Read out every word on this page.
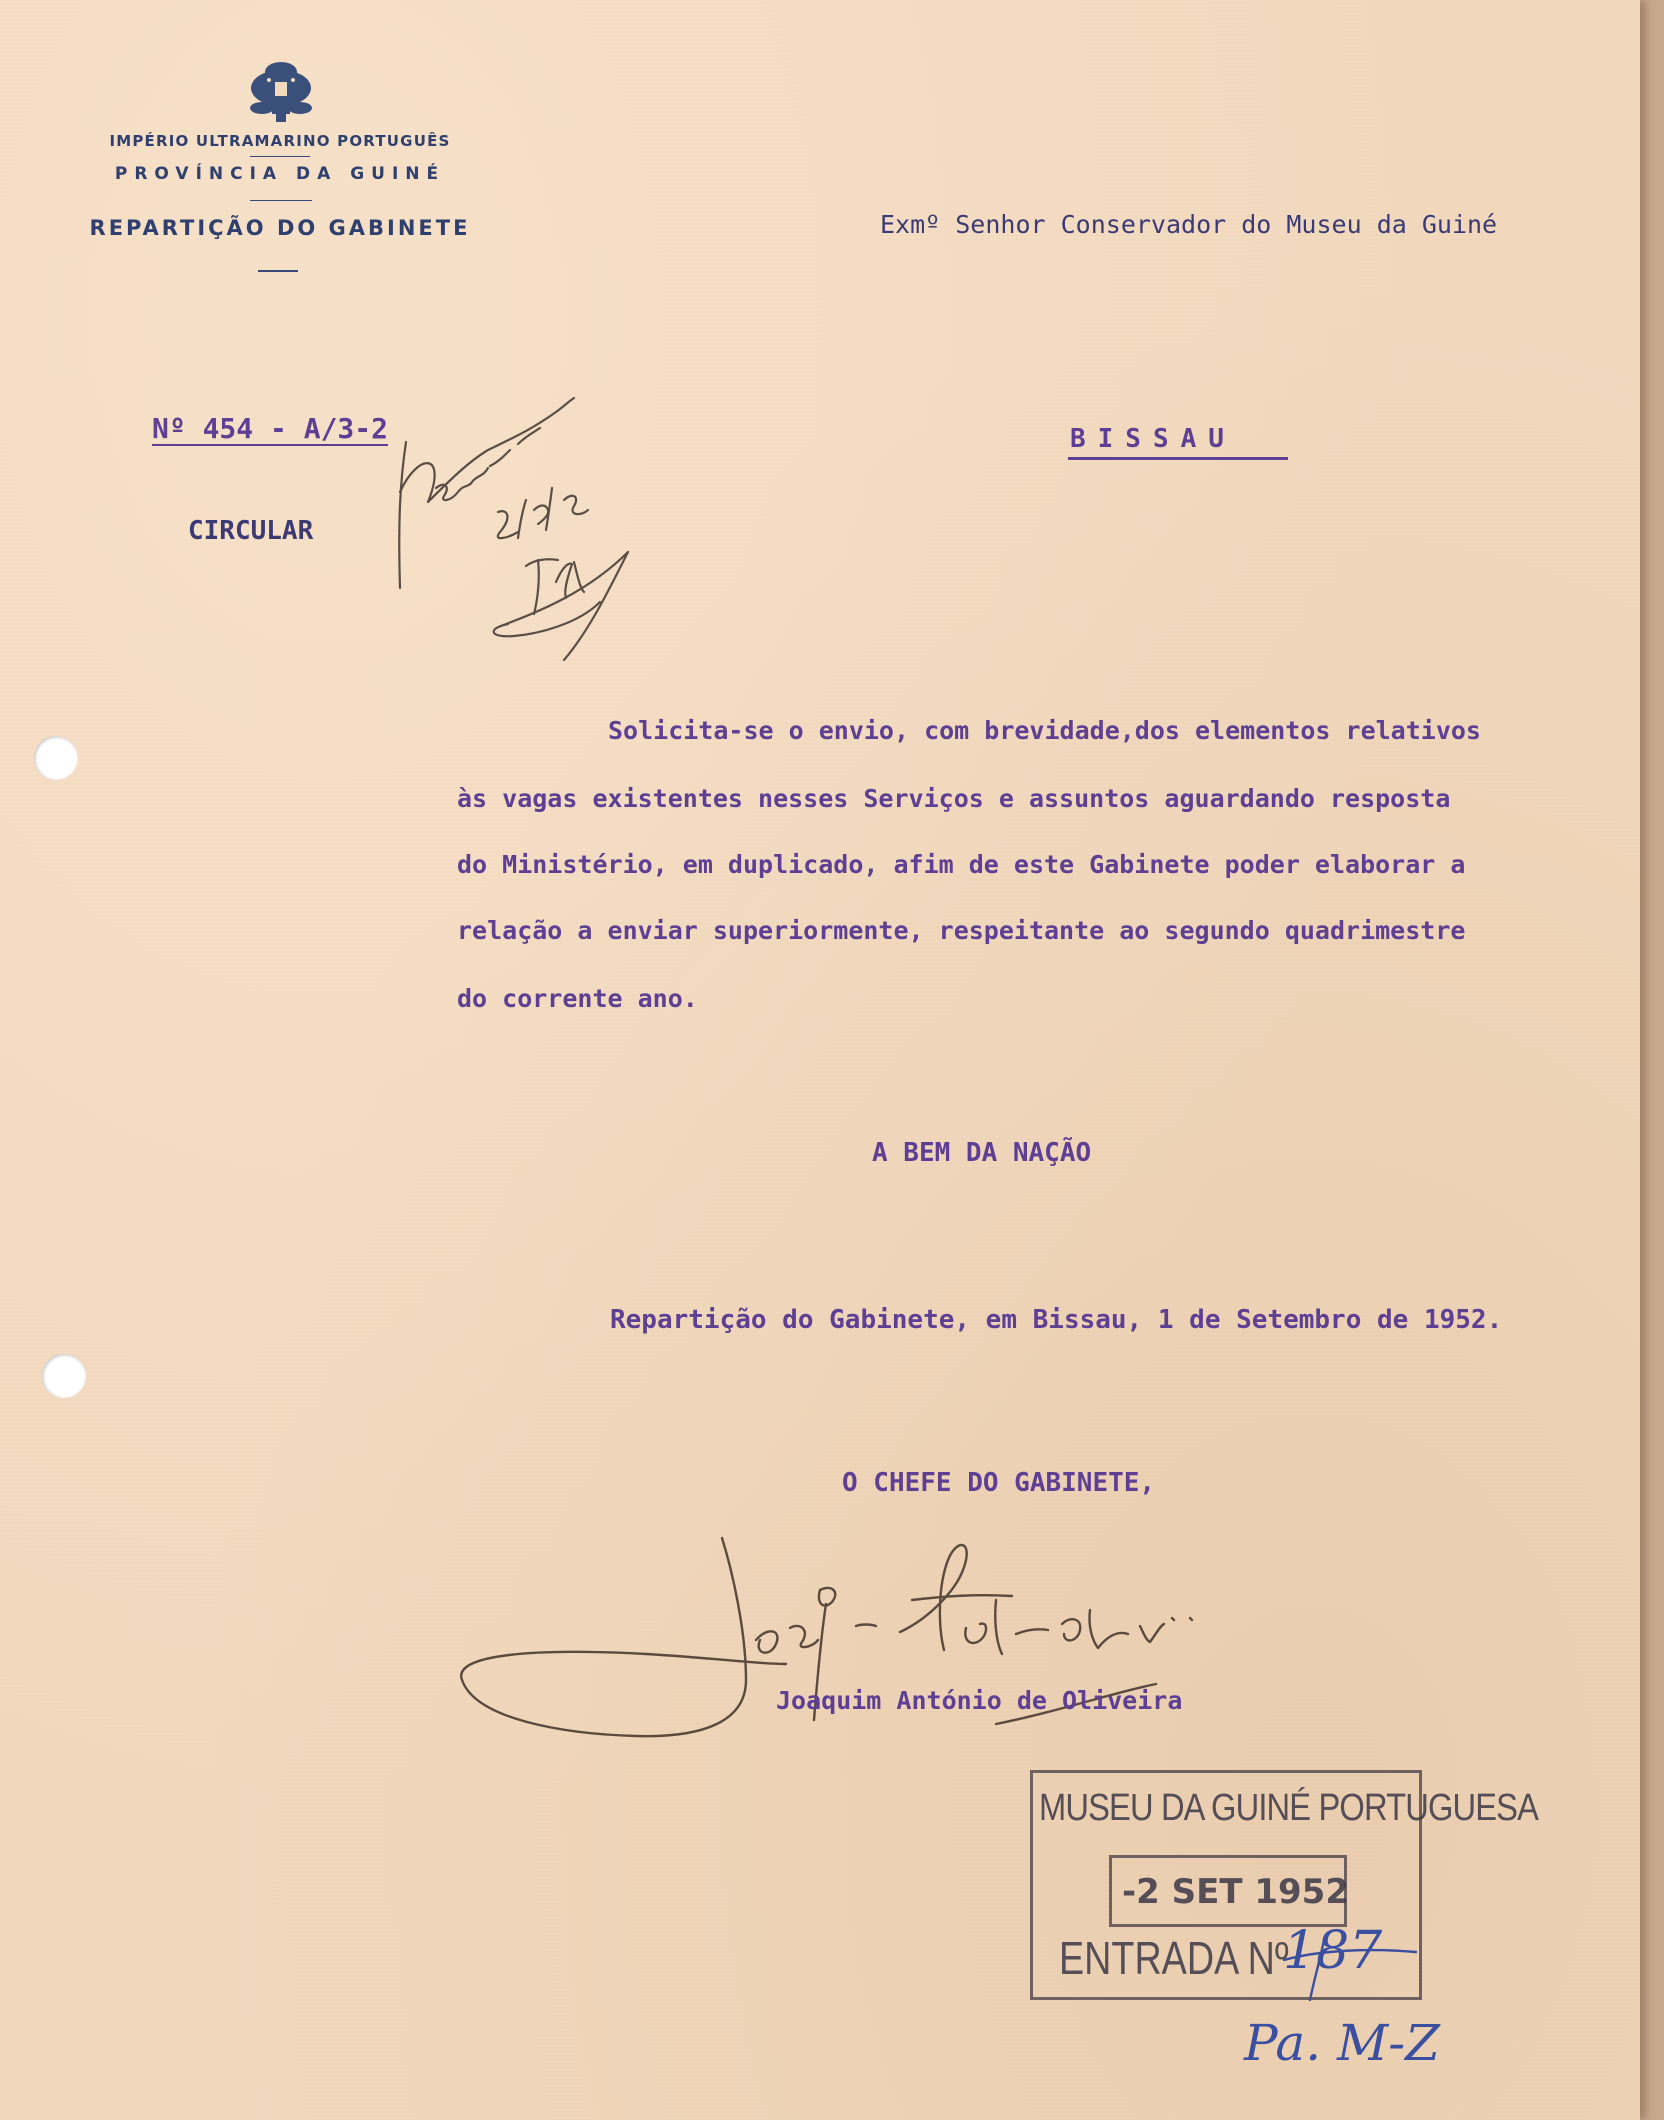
IMPÉRIO ULTRAMARINO PORTUGUÊS
PROVÍNCIA DA GUINÉ
REPARTIÇÃO DO GABINETE	Exmº Senhor Conservador do Museu da Guiné
Nº 454 - A/3-2	BISSAU
CIRCULAR
Solicita-se o envio, com brevidade,dos elementos relativos
às vagas existentes nesses Serviços e assuntos aguardando resposta
do Ministério, em duplicado, afim de este Gabinete poder elaborar a
relação a enviar superiormente, respeitante ao segundo quadrimestre
do corrente ano.
A BEM DA NAÇÃO
Repartição do Gabinete, em Bissau, 1 de Setembro de 1952.
O CHEFE DO GABINETE,
Joaquim António de Oliveira
MUSEU DA GUINÉ PORTUGUESA
-2 SET 1952
ENTRADA Nº
187
Pa. M-Z
